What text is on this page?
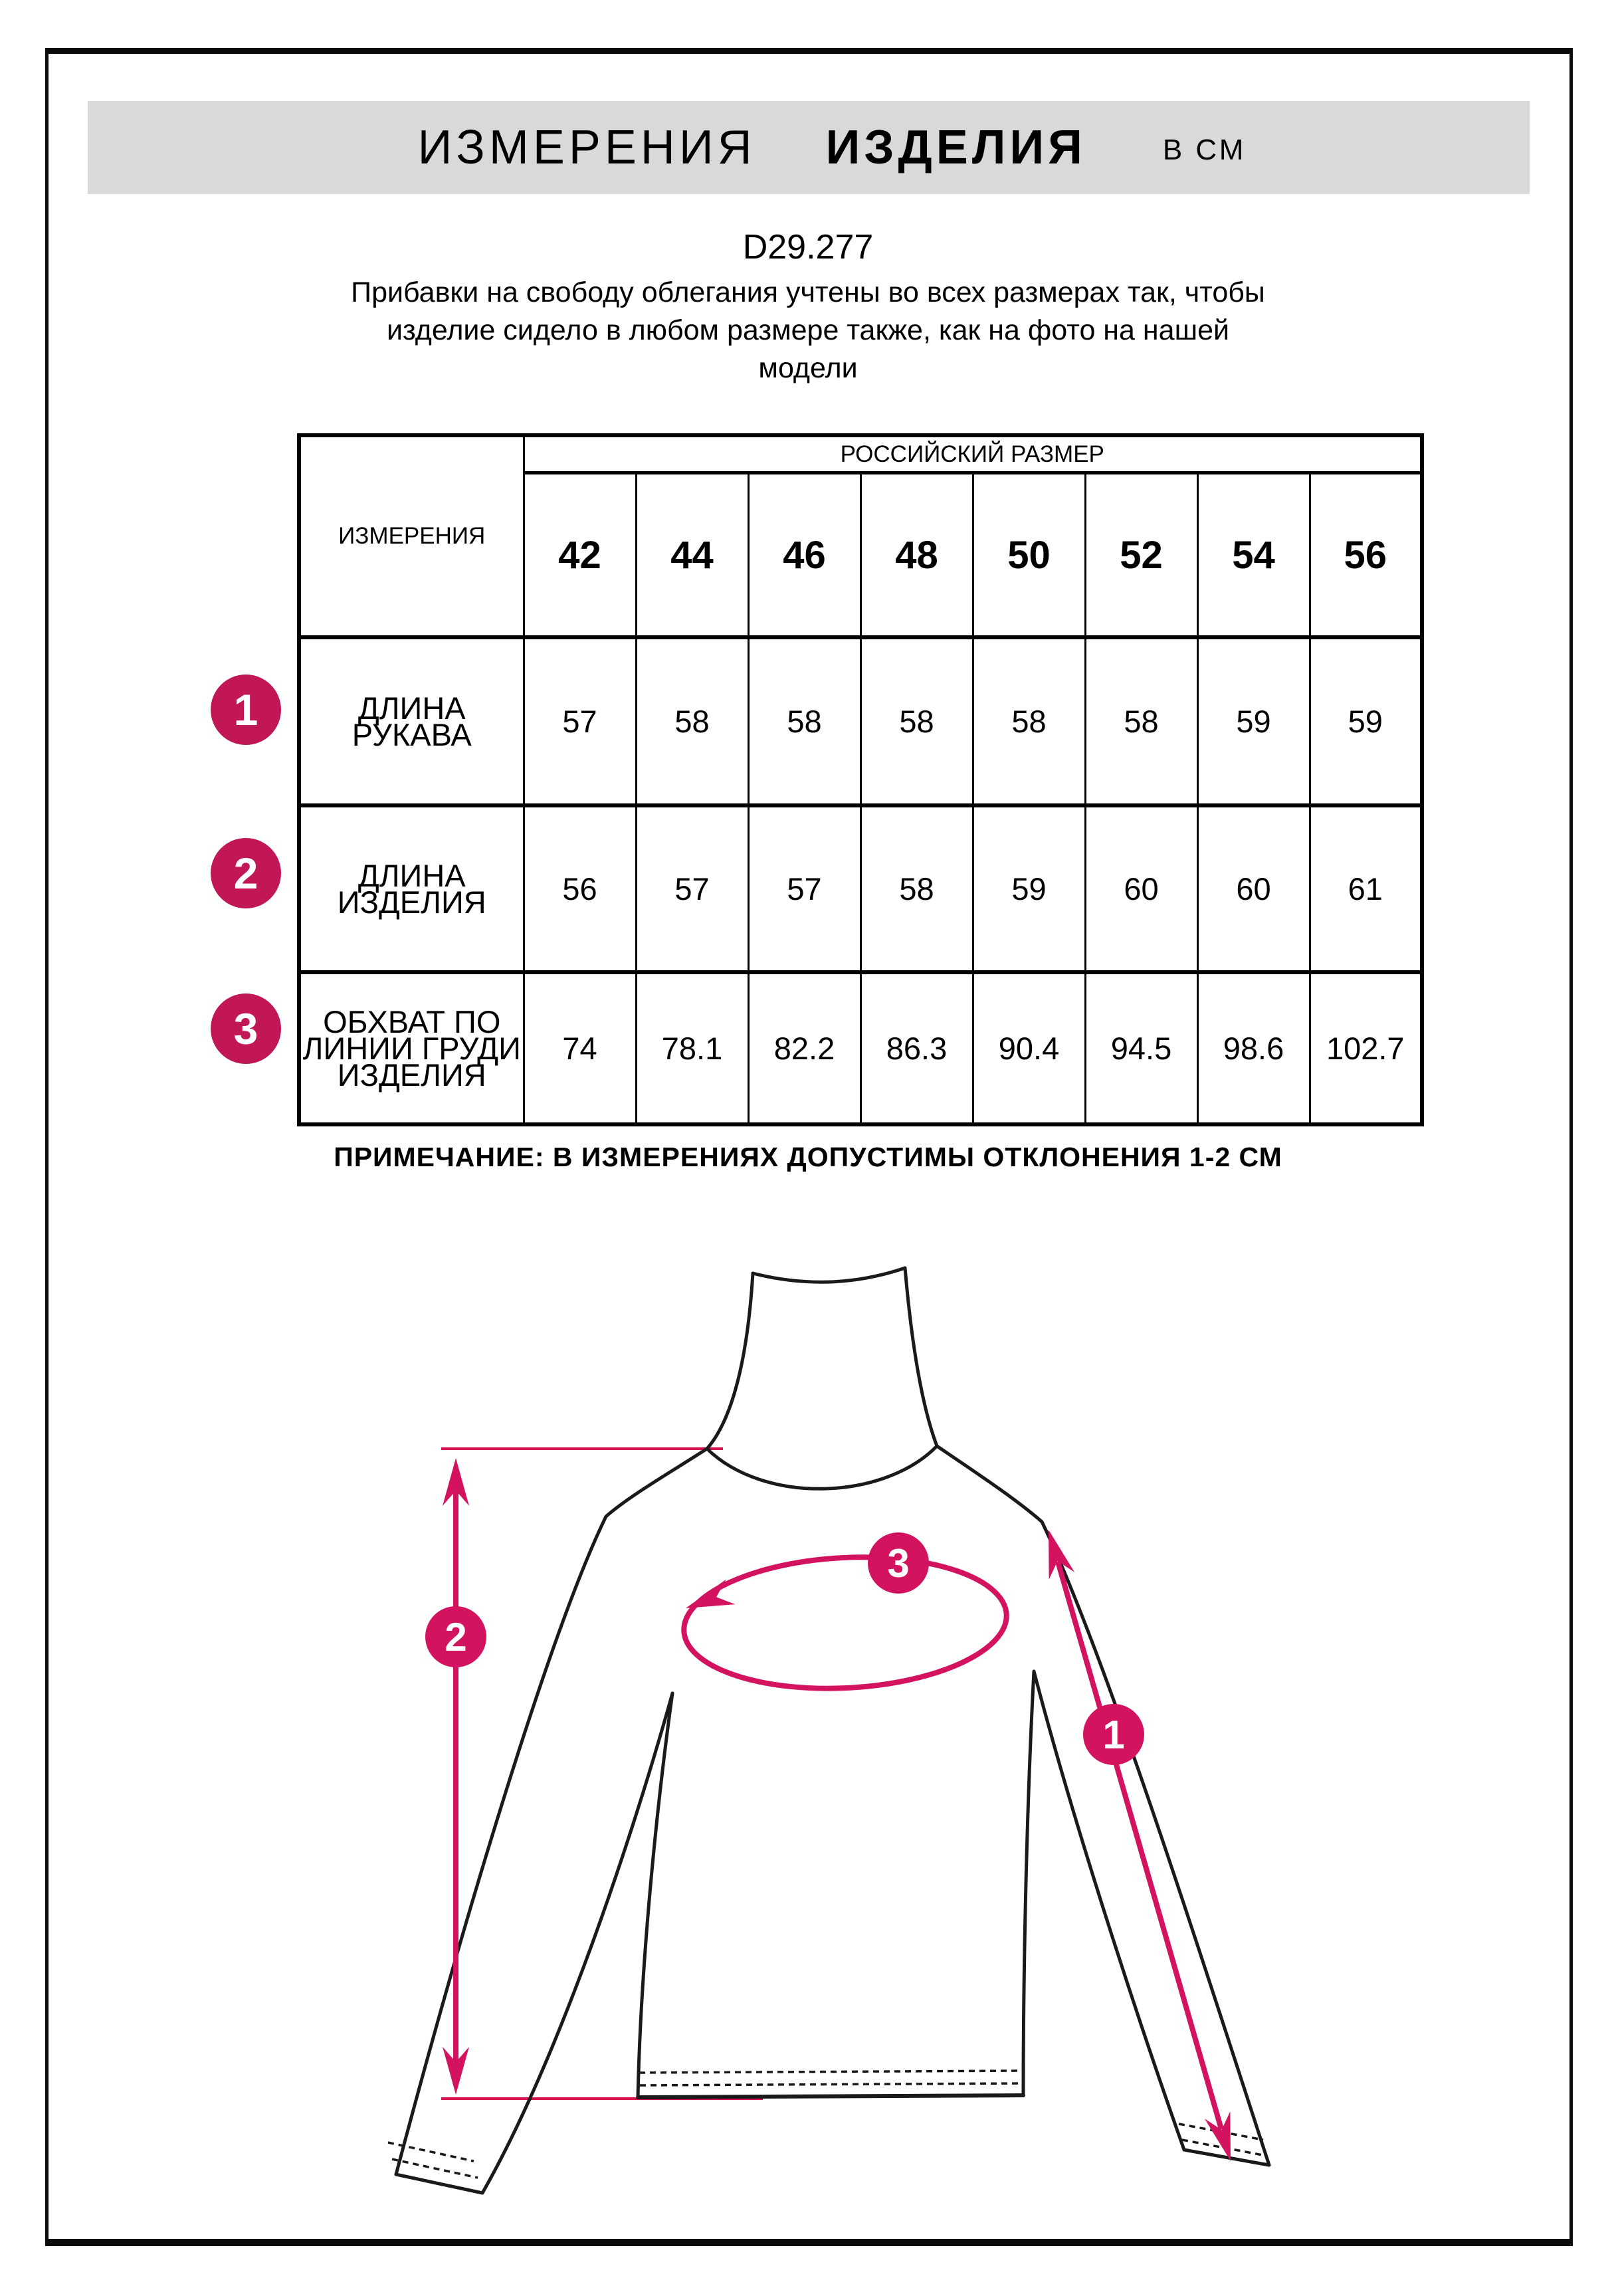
ИЗМЕРЕНИЯ ИЗДЕЛИЯ	В СМ
D29.277
Прибавки на свободу облегания учтены во всех размерах так, чтобы
изделие сидело в любом размере также, как на фото на нашей
модели
ИЗМЕРЕНИЯ	РОССИЙСКИЙ РАЗМЕР							
	42	44	46	48	50	52	54	56
ДЛИНА РУКАВА	57	58	58	58	58	58	59	59
ДЛИНА ИЗДЕЛИЯ	56	57	57	58	59	60	60	61
ОБХВАТ ПО ЛИНИИ ГРУДИ ИЗДЕЛИЯ	74	78.1	82.2	86.3	90.4	94.5	98.6	102.7
1
2
3
ПРИМЕЧАНИЕ: В ИЗМЕРЕНИЯХ ДОПУСТИМЫ ОТКЛОНЕНИЯ 1-2 СМ
1
2
3
